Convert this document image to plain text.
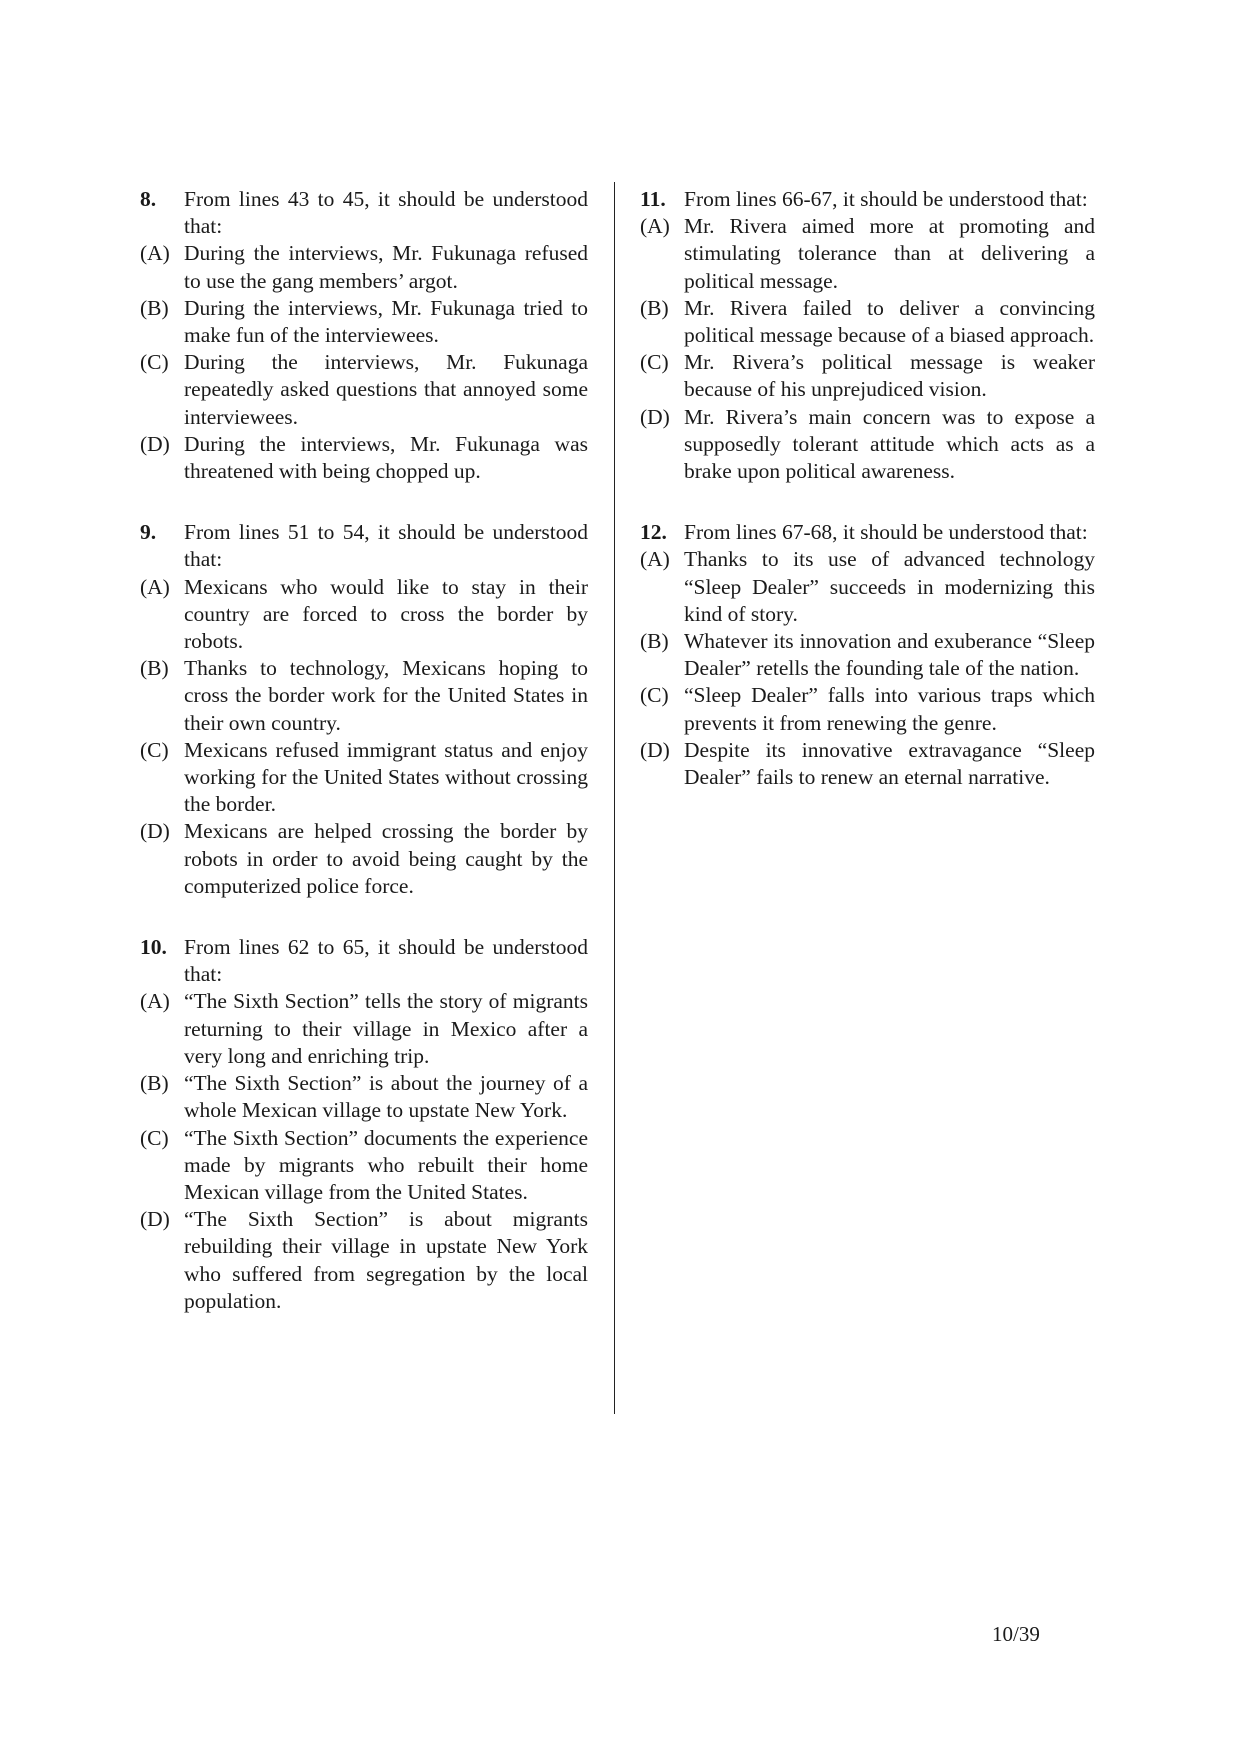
8.	From lines 43 to 45, it should be understood that:
(A) During the interviews, Mr. Fukunaga refused to use the gang members’ argot.
(B) During the interviews, Mr. Fukunaga tried to make fun of the interviewees.
(C) During the interviews, Mr. Fukunaga repeatedly asked questions that annoyed some interviewees.
(D) During the interviews, Mr. Fukunaga was threatened with being chopped up.
9.	From lines 51 to 54, it should be understood that:
(A) Mexicans who would like to stay in their country are forced to cross the border by robots.
(B) Thanks to technology, Mexicans hoping to cross the border work for the United States in their own country.
(C) Mexicans refused immigrant status and enjoy working for the United States without crossing the border.
(D) Mexicans are helped crossing the border by robots in order to avoid being caught by the computerized police force.
10. From lines 62 to 65, it should be understood that:
(A) “The Sixth Section” tells the story of migrants returning to their village in Mexico after a very long and enriching trip.
(B) “The Sixth Section” is about the journey of a whole Mexican village to upstate New York.
(C) “The Sixth Section” documents the experience made by migrants who rebuilt their home Mexican village from the United States.
(D) “The Sixth Section” is about migrants rebuilding their village in upstate New York who suffered from segregation by the local population.
11. From lines 66-67, it should be understood that:
(A) Mr. Rivera aimed more at promoting and stimulating tolerance than at delivering a political message.
(B) Mr. Rivera failed to deliver a convincing political message because of a biased approach.
(C) Mr. Rivera’s political message is weaker because of his unprejudiced vision.
(D) Mr. Rivera’s main concern was to expose a supposedly tolerant attitude which acts as a brake upon political awareness.
12. From lines 67-68, it should be understood that:
(A) Thanks to its use of advanced technology “Sleep Dealer” succeeds in modernizing this kind of story.
(B) Whatever its innovation and exuberance “Sleep Dealer” retells the founding tale of the nation.
(C) “Sleep Dealer” falls into various traps which prevents it from renewing the genre.
(D) Despite its innovative extravagance “Sleep Dealer” fails to renew an eternal narrative.
10/39
